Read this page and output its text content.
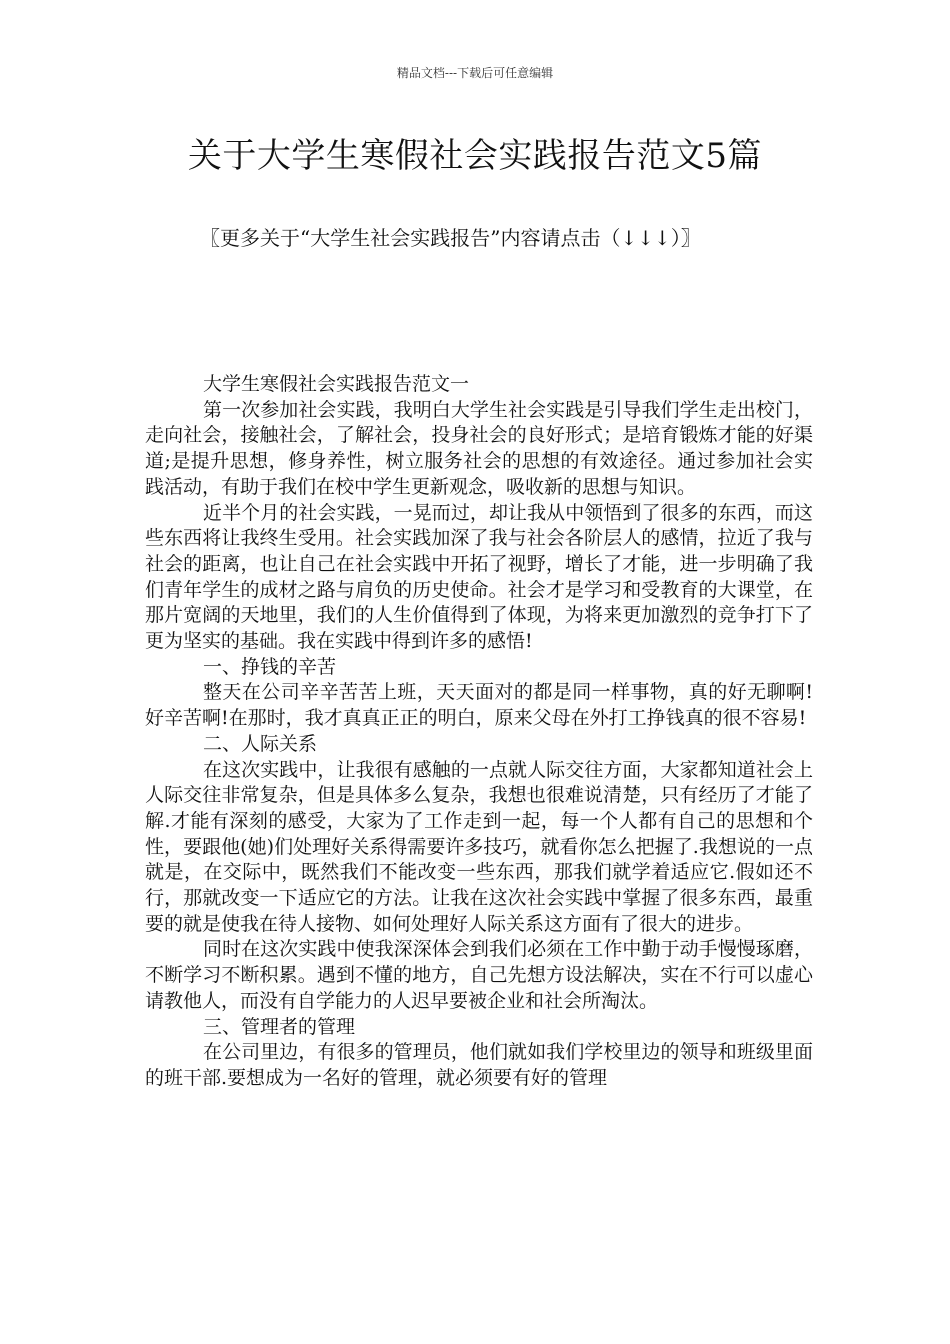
精品文档---下载后可任意编辑
关于大学生寒假社会实践报告范文5篇
〖更多关于“大学生社会实践报告”内容请点击（↓↓↓）〗

大学生寒假社会实践报告范文一

第一次参加社会实践，我明白大学生社会实践是引导我们学生走出校门，走向社会，接触社会，了解社会，投身社会的良好形式；是培育锻炼才能的好渠道;是提升思想，修身养性，树立服务社会的思想的有效途径。通过参加社会实践活动，有助于我们在校中学生更新观念，吸收新的思想与知识。

近半个月的社会实践，一晃而过，却让我从中领悟到了很多的东西，而这些东西将让我终生受用。社会实践加深了我与社会各阶层人的感情，拉近了我与社会的距离，也让自己在社会实践中开拓了视野，增长了才能，进一步明确了我们青年学生的成材之路与肩负的历史使命。社会才是学习和受教育的大课堂，在那片宽阔的天地里，我们的人生价值得到了体现，为将来更加激烈的竞争打下了更为坚实的基础。我在实践中得到许多的感悟!

一、挣钱的辛苦

整天在公司辛辛苦苦上班，天天面对的都是同一样事物，真的好无聊啊!好辛苦啊!在那时，我才真真正正的明白，原来父母在外打工挣钱真的很不容易!

二、人际关系

在这次实践中，让我很有感触的一点就人际交往方面，大家都知道社会上人际交往非常复杂，但是具体多么复杂，我想也很难说清楚，只有经历了才能了解.才能有深刻的感受，大家为了工作走到一起，每一个人都有自己的思想和个性，要跟他(她)们处理好关系得需要许多技巧，就看你怎么把握了.我想说的一点就是，在交际中，既然我们不能改变一些东西，那我们就学着适应它.假如还不行，那就改变一下适应它的方法。让我在这次社会实践中掌握了很多东西，最重要的就是使我在待人接物、如何处理好人际关系这方面有了很大的进步。

同时在这次实践中使我深深体会到我们必须在工作中勤于动手慢慢琢磨，不断学习不断积累。遇到不懂的地方，自己先想方设法解决，实在不行可以虚心请教他人，而没有自学能力的人迟早要被企业和社会所淘汰。

三、管理者的管理

在公司里边，有很多的管理员，他们就如我们学校里边的领导和班级里面的班干部.要想成为一名好的管理，就必须要有好的管理
